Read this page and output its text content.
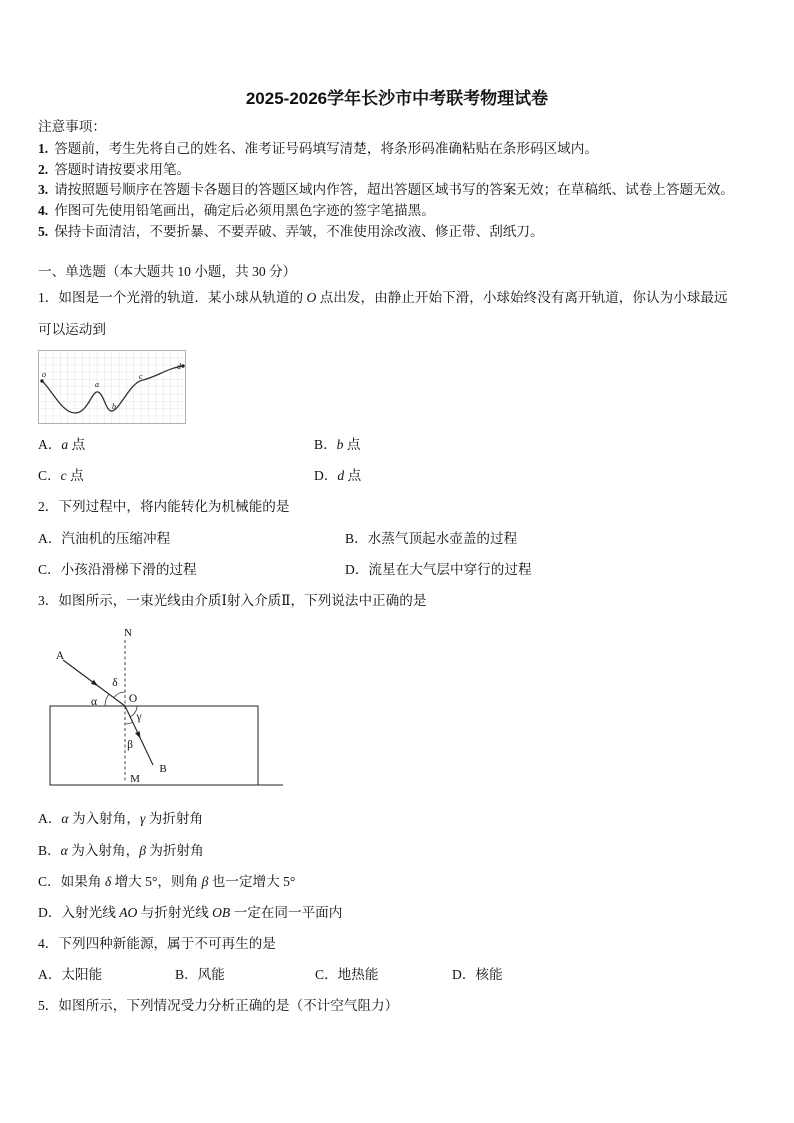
2025-2026学年长沙市中考联考物理试卷
注意事项：
1. 答题前，考生先将自己的姓名、准考证号码填写清楚，将条形码准确粘贴在条形码区域内。
2. 答题时请按要求用笔。
3. 请按照题号顺序在答题卡各题目的答题区域内作答，超出答题区域书写的答案无效；在草稿纸、试卷上答题无效。
4. 作图可先使用铅笔画出，确定后必须用黑色字迹的签字笔描黑。
5. 保持卡面清洁，不要折暴、不要弄破、弄皱，不准使用涂改液、修正带、刮纸刀。
一、单选题（本大题共 10 小题，共 30 分）
1．如图是一个光滑的轨道．某小球从轨道的 O 点出发，由静止开始下滑，小球始终没有离开轨道，你认为小球最远
可以运动到
o
a
b
c
d
A．a 点	B．b 点
C．c 点	D．d 点
2．下列过程中，将内能转化为机械能的是
A．汽油机的压缩冲程	B．水蒸气顶起水壶盖的过程
C．小孩沿滑梯下滑的过程	D．流星在大气层中穿行的过程
3．如图所示，一束光线由介质Ⅰ射入介质Ⅱ，下列说法中正确的是
N
A
δ
α	O
γ
β
B
M
A．α 为入射角，γ 为折射角
B．α 为入射角，β 为折射角
C．如果角 δ 增大 5°，则角 β 也一定增大 5°
D．入射光线 AO 与折射光线 OB 一定在同一平面内
4．下列四种新能源，属于不可再生的是
A．太阳能	B．风能	C．地热能	D．核能
5．如图所示，下列情况受力分析正确的是（不计空气阻力）
